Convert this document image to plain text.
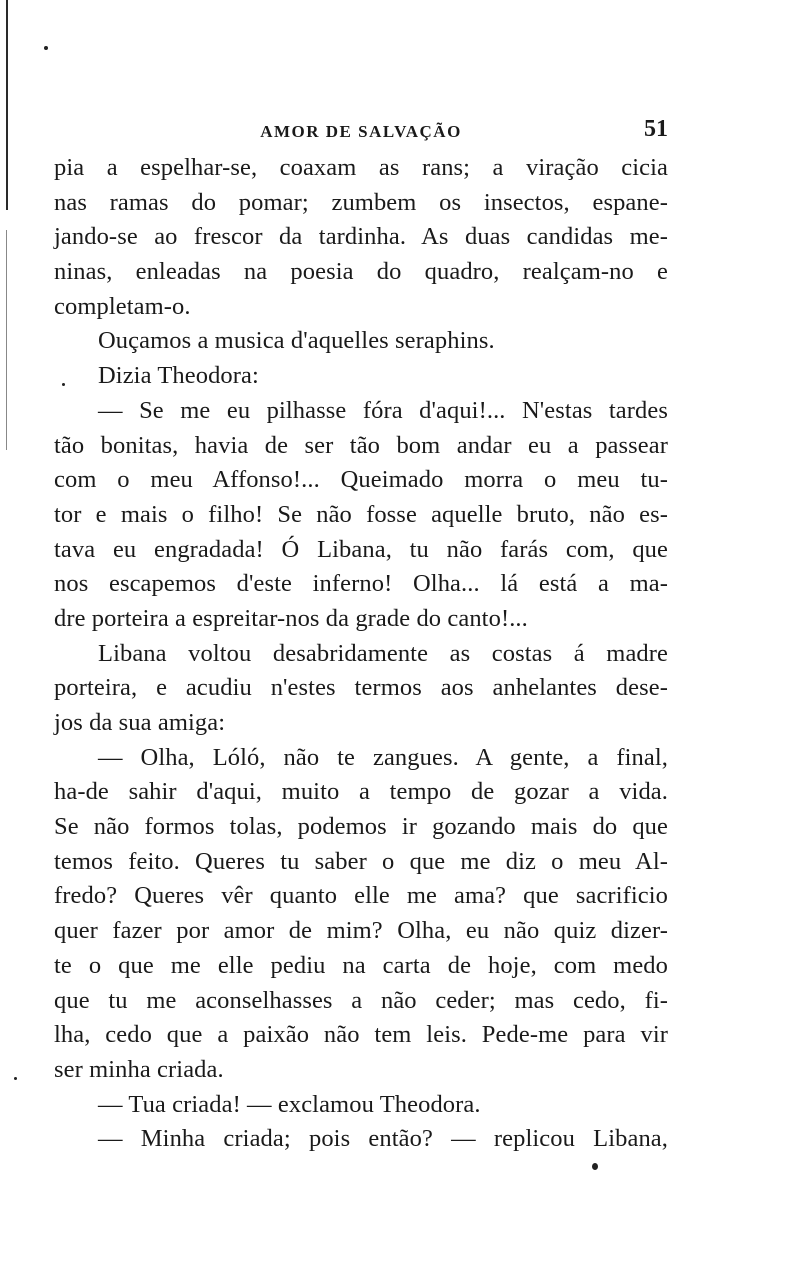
AMOR DE SALVAÇÃO	51
pia a espelhar-se, coaxam as rans; a viração cicia
nas ramas do pomar; zumbem os insectos, espane-
jando-se ao frescor da tardinha. As duas candidas me-
ninas, enleadas na poesia do quadro, realçam-no e
completam-o.
Ouçamos a musica d'aquelles seraphins.
Dizia Theodora:
— Se me eu pilhasse fóra d'aqui!... N'estas tardes
tão bonitas, havia de ser tão bom andar eu a passear
com o meu Affonso!... Queimado morra o meu tu-
tor e mais o filho! Se não fosse aquelle bruto, não es-
tava eu engradada! Ó Libana, tu não farás com, que
nos escapemos d'este inferno! Olha... lá está a ma-
dre porteira a espreitar-nos da grade do canto!...
Libana voltou desabridamente as costas á madre
porteira, e acudiu n'estes termos aos anhelantes dese-
jos da sua amiga:
— Olha, Lóló, não te zangues. A gente, a final,
ha-de sahir d'aqui, muito a tempo de gozar a vida.
Se não formos tolas, podemos ir gozando mais do que
temos feito. Queres tu saber o que me diz o meu Al-
fredo? Queres vêr quanto elle me ama? que sacrificio
quer fazer por amor de mim? Olha, eu não quiz dizer-
te o que me elle pediu na carta de hoje, com medo
que tu me aconselhasses a não ceder; mas cedo, fi-
lha, cedo que a paixão não tem leis. Pede-me para vir
ser minha criada.
— Tua criada! — exclamou Theodora.
— Minha criada; pois então? — replicou Libana,
